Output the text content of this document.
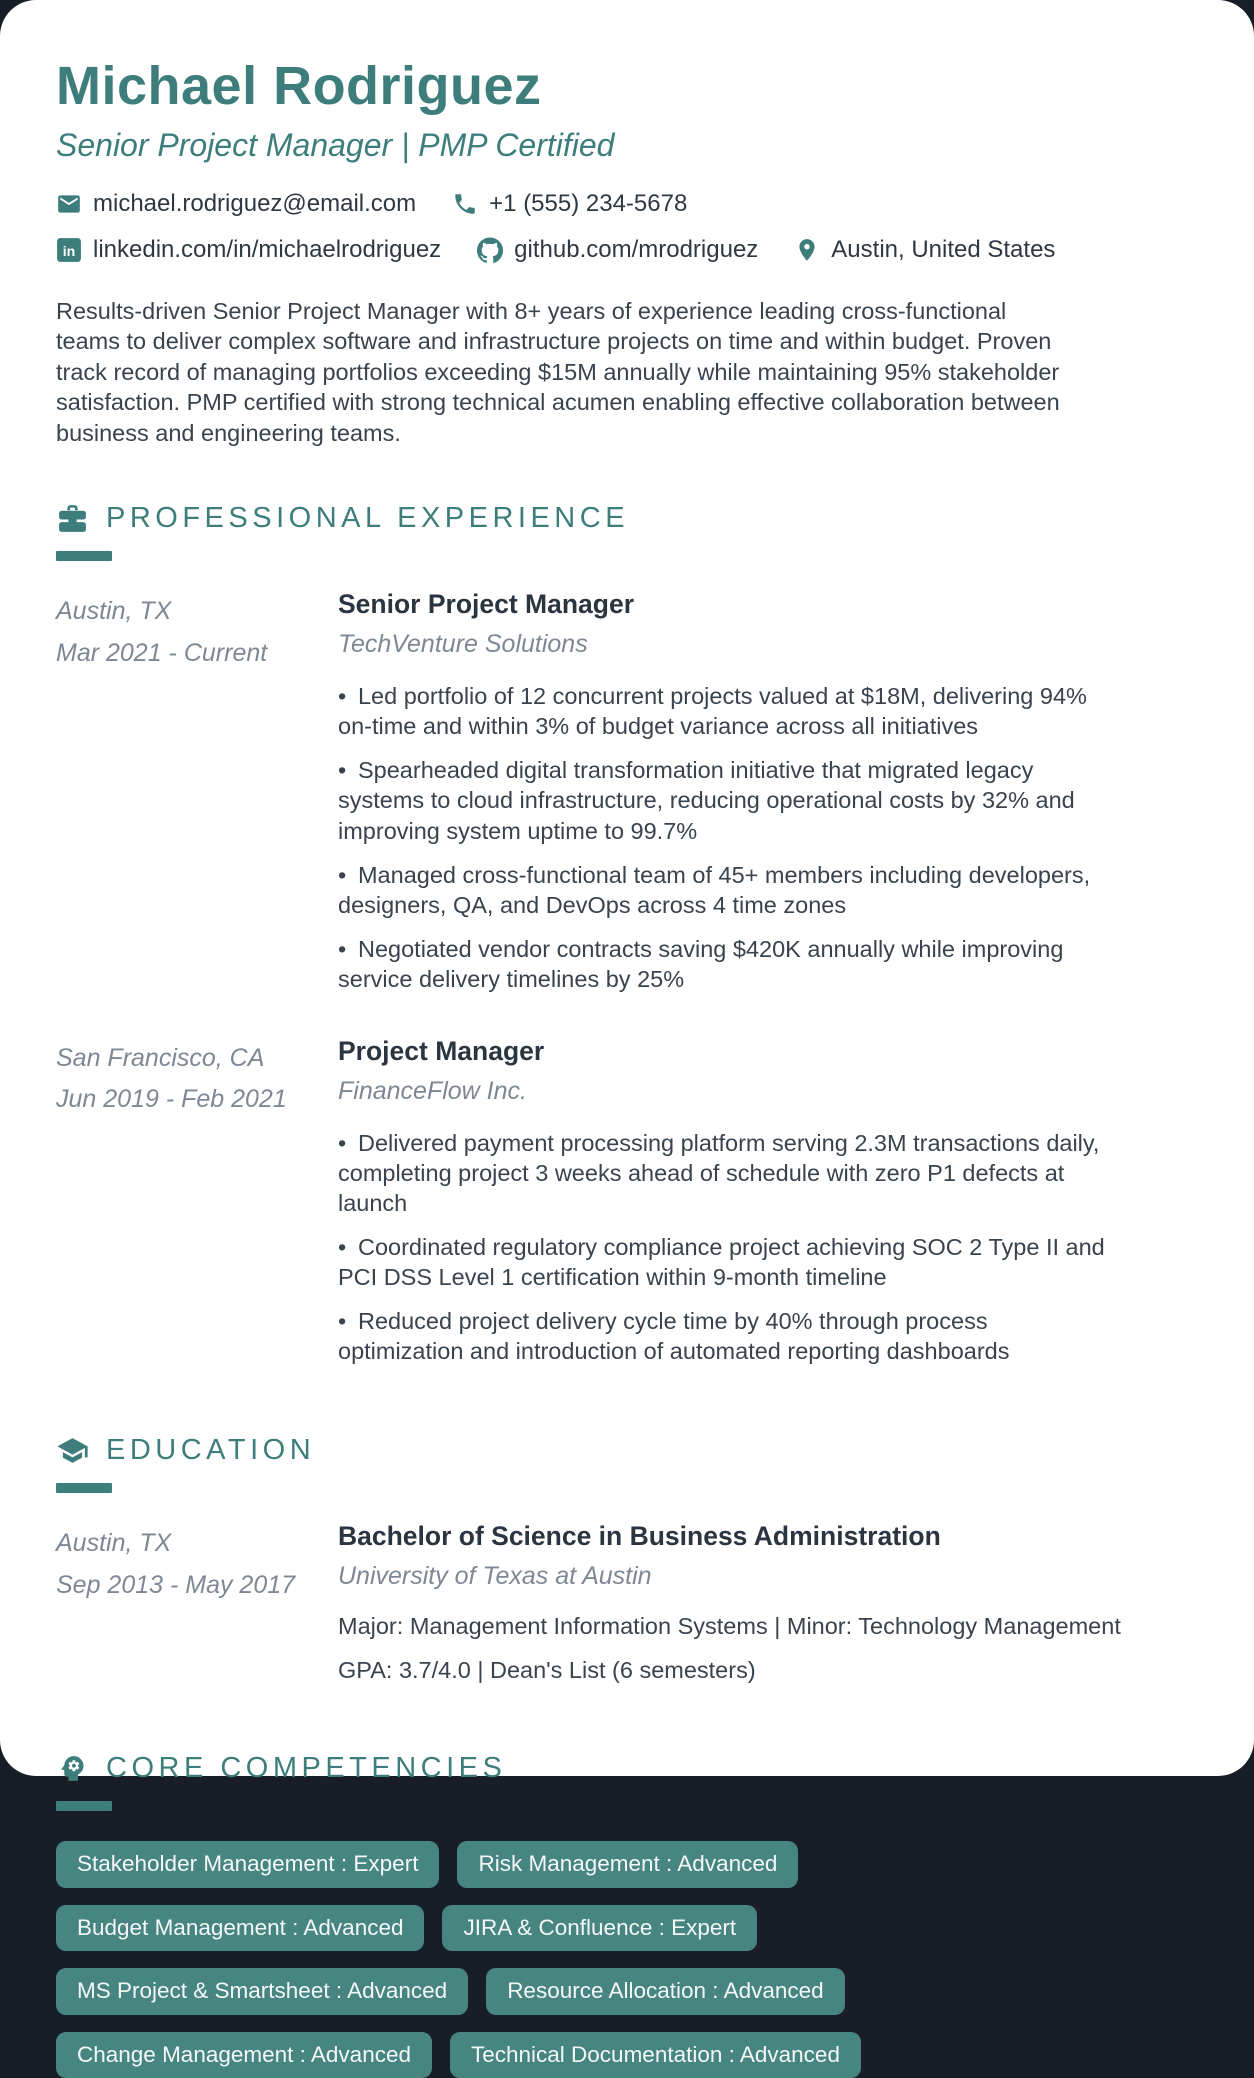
Michael Rodriguez
Senior Project Manager | PMP Certified
michael.rodriguez@email.com	+1 (555) 234-5678
in linkedin.com/in/michaelrodriguez	github.com/mrodriguez	Austin, United States

Results-driven Senior Project Manager with 8+ years of experience leading cross-functional teams to deliver complex software and infrastructure projects on time and within budget. Proven track record of managing portfolios exceeding $15M annually while maintaining 95% stakeholder satisfaction. PMP certified with strong technical acumen enabling effective collaboration between business and engineering teams.

PROFESSIONAL EXPERIENCE
Austin, TX
Mar 2021 - Current
Senior Project Manager
TechVenture Solutions

• Led portfolio of 12 concurrent projects valued at $18M, delivering 94% on-time and within 3% of budget variance across all initiatives

• Spearheaded digital transformation initiative that migrated legacy systems to cloud infrastructure, reducing operational costs by 32% and improving system uptime to 99.7%

• Managed cross-functional team of 45+ members including developers, designers, QA, and DevOps across 4 time zones

• Negotiated vendor contracts saving $420K annually while improving service delivery timelines by 25%

San Francisco, CA
Jun 2019 - Feb 2021
Project Manager
FinanceFlow Inc.

• Delivered payment processing platform serving 2.3M transactions daily, completing project 3 weeks ahead of schedule with zero P1 defects at launch

• Coordinated regulatory compliance project achieving SOC 2 Type II and PCI DSS Level 1 certification within 9-month timeline

• Reduced project delivery cycle time by 40% through process optimization and introduction of automated reporting dashboards

EDUCATION
Austin, TX
Sep 2013 - May 2017
Bachelor of Science in Business Administration
University of Texas at Austin

Major: Management Information Systems | Minor: Technology Management

GPA: 3.7/4.0 | Dean's List (6 semesters)

CORE COMPETENCIES
Stakeholder Management : Expert	Risk Management : Advanced
Budget Management : Advanced	JIRA & Confluence : Expert
MS Project & Smartsheet : Advanced	Resource Allocation : Advanced
Change Management : Advanced	Technical Documentation : Advanced
